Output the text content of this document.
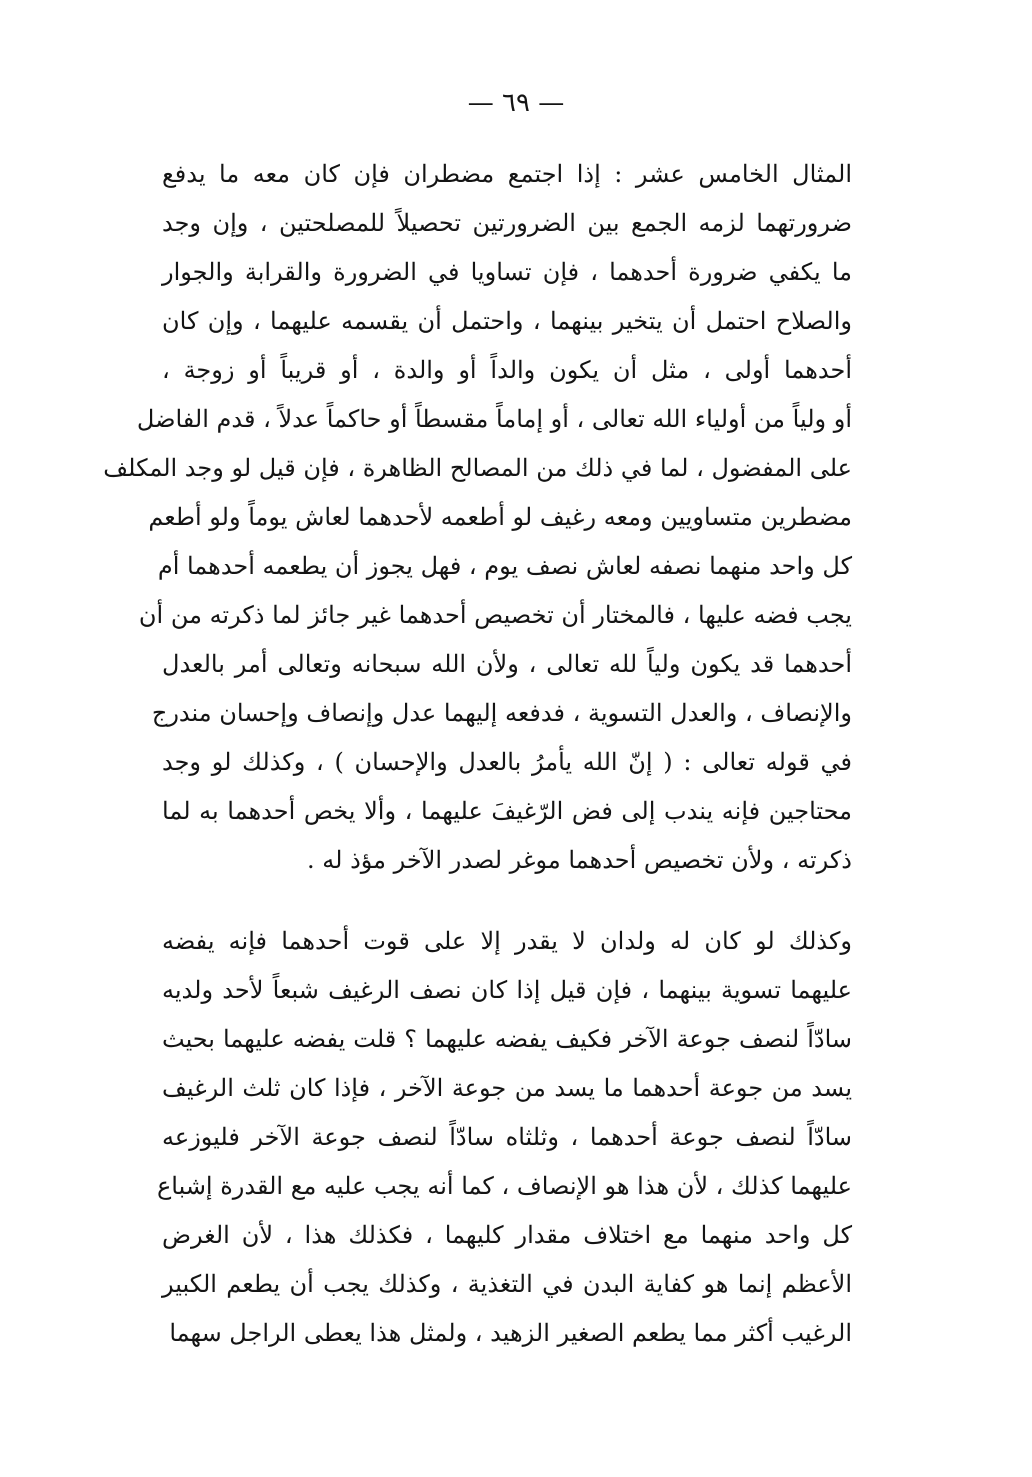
— ٦٩ —
المثال الخامس عشر : إذا اجتمع مضطران فإن كان معه ما يدفع
ضرورتهما لزمه الجمع بين الضرورتين تحصيلاً للمصلحتين ، وإن وجد
ما يكفي ضرورة أحدهما ، فإن تساويا في الضرورة والقرابة والجوار
والصلاح احتمل أن يتخير بينهما ، واحتمل أن يقسمه عليهما ، وإن كان
أحدهما أولى ، مثل أن يكون والداً أو والدة ، أو قريباً أو زوجة ،
أو ولياً من أولياء الله تعالى ، أو إماماً مقسطاً أو حاكماً عدلاً ، قدم الفاضل
على المفضول ، لما في ذلك من المصالح الظاهرة ، فإن قيل لو وجد المكلف
مضطرين متساويين ومعه رغيف لو أطعمه لأحدهما لعاش يوماً ولو أطعم
كل واحد منهما نصفه لعاش نصف يوم ، فهل يجوز أن يطعمه أحدهما أم
يجب فضه عليها ، فالمختار أن تخصيص أحدهما غير جائز لما ذكرته من أن
أحدهما قد يكون ولياً لله تعالى ، ولأن الله سبحانه وتعالى أمر بالعدل
والإنصاف ، والعدل التسوية ، فدفعه إليهما عدل وإنصاف وإحسان مندرج
في قوله تعالى : ( إنّ الله يأمرُ بالعدل والإحسان ) ، وكذلك لو وجد
محتاجين فإنه يندب إلى فض الرّغيفَ عليهما ، وألا يخص أحدهما به لما
ذكرته ، ولأن تخصيص أحدهما موغر لصدر الآخر مؤذ له .
وكذلك لو كان له ولدان لا يقدر إلا على قوت أحدهما فإنه يفضه
عليهما تسوية بينهما ، فإن قيل إذا كان نصف الرغيف شبعاً لأحد ولديه
سادّاً لنصف جوعة الآخر فكيف يفضه عليهما ؟ قلت يفضه عليهما بحيث
يسد من جوعة أحدهما ما يسد من جوعة الآخر ، فإذا كان ثلث الرغيف
سادّاً لنصف جوعة أحدهما ، وثلثاه سادّاً لنصف جوعة الآخر فليوزعه
عليهما كذلك ، لأن هذا هو الإنصاف ، كما أنه يجب عليه مع القدرة إشباع
كل واحد منهما مع اختلاف مقدار كليهما ، فكذلك هذا ، لأن الغرض
الأعظم إنما هو كفاية البدن في التغذية ، وكذلك يجب أن يطعم الكبير
الرغيب أكثر مما يطعم الصغير الزهيد ، ولمثل هذا يعطى الراجل سهما
